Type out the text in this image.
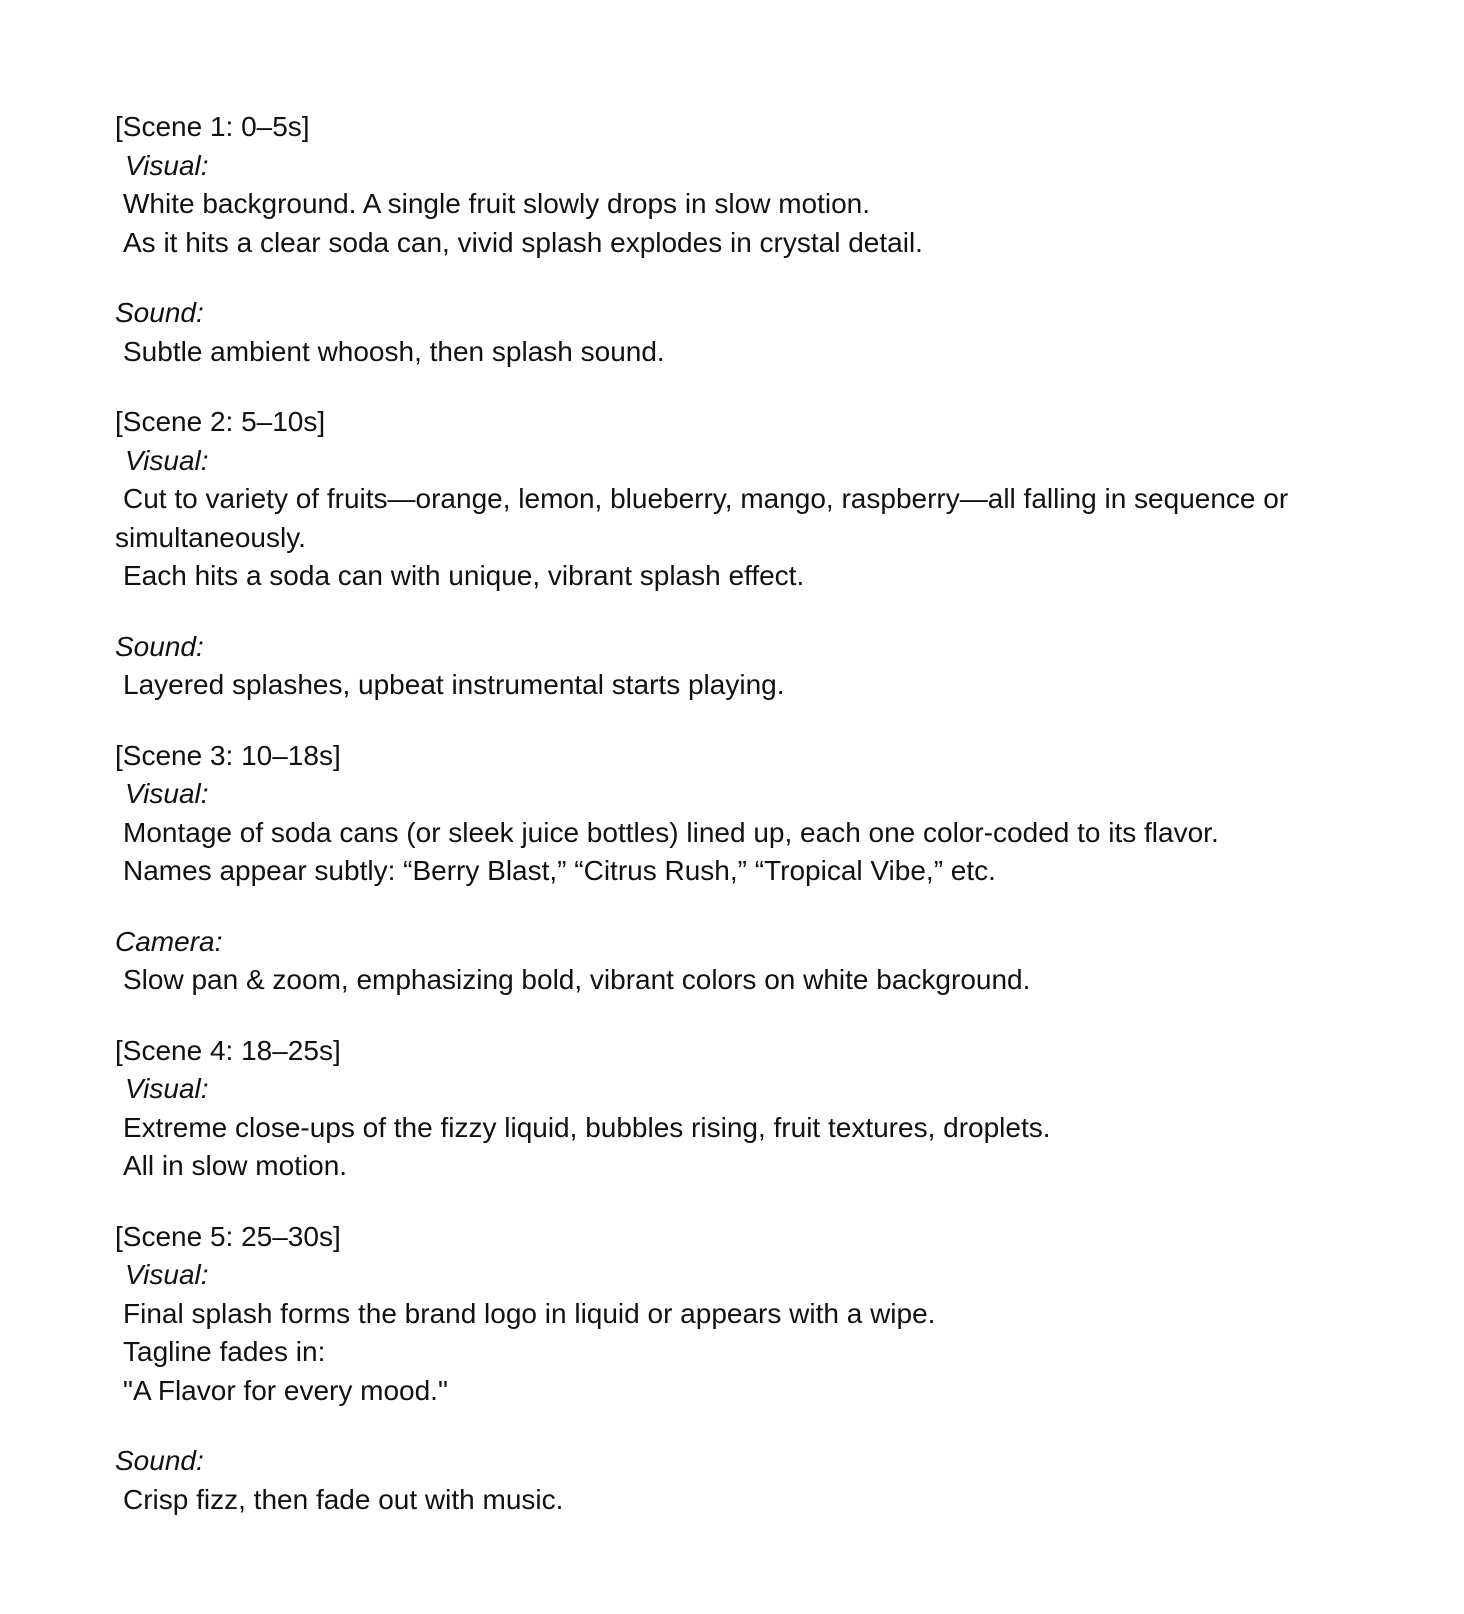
[Scene 1: 0–5s]
Visual:
White background. A single fruit slowly drops in slow motion.
As it hits a clear soda can, vivid splash explodes in crystal detail.
Sound:
Subtle ambient whoosh, then splash sound.
[Scene 2: 5–10s]
Visual:
Cut to variety of fruits—orange, lemon, blueberry, mango, raspberry—all falling in sequence or
simultaneously.
Each hits a soda can with unique, vibrant splash effect.
Sound:
Layered splashes, upbeat instrumental starts playing.
[Scene 3: 10–18s]
Visual:
Montage of soda cans (or sleek juice bottles) lined up, each one color-coded to its flavor.
Names appear subtly: “Berry Blast,” “Citrus Rush,” “Tropical Vibe,” etc.
Camera:
Slow pan & zoom, emphasizing bold, vibrant colors on white background.
[Scene 4: 18–25s]
Visual:
Extreme close-ups of the fizzy liquid, bubbles rising, fruit textures, droplets.
All in slow motion.
[Scene 5: 25–30s]
Visual:
Final splash forms the brand logo in liquid or appears with a wipe.
Tagline fades in:
"A Flavor for every mood."
Sound:
Crisp fizz, then fade out with music.
